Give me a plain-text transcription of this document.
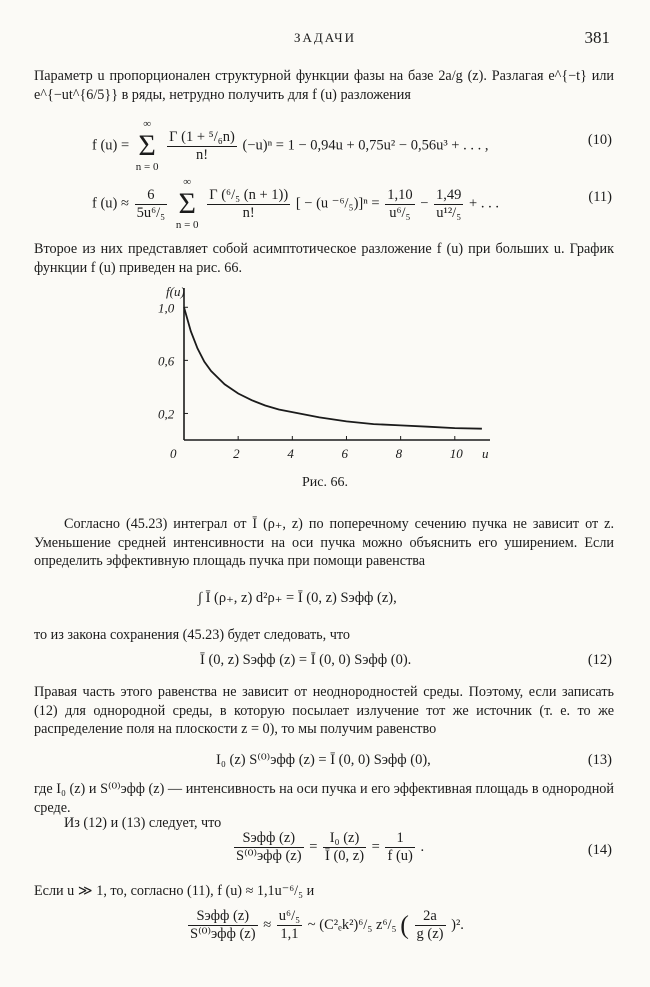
ЗАДАЧИ	381
Параметр u пропорционален структурной функции фазы на базе 2a/g (z). Разлагая e^{−t} или e^{−ut^{6/5}} в ряды, нетрудно получить для f (u) разложения
f (u) =
∞
Σ
n = 0

$\frac{\text{Γ (1 + ⁵/₆n)}}{n!} (-u)^n = 1 - 0,94u + 0,75u^2 - 0,56u^3$ + . . . ,	(10)
f $(u) \approx \frac{6}{\text{5u⁶/₅}}$

∞
Σ
n = 0

$\frac{\text{Γ (⁶/₅ (n + 1))}}{n!}$ [ − (u $^{-6}/_5)]^n = \frac{1,10}{\text{u⁶/₅}} - \frac{1,49}{\text{u¹²/₅}}$ + . . .	(11)
Второе из них представляет собой асимптотическое разложение f (u) при больших u. График функции f (u) приведен на рис. 66.
0	2	4	6	8	10
0,2
0,6
1,0
u
f(u)
Рис. 66.
Согласно (45.23) интеграл от Ī (ρ₊, z) по поперечному сечению пучка не зависит от z. Уменьшение средней интенсивности на оси пучка можно объяснить его уширением. Если определить эффективную площадь пучка при помощи равенства
∫ Ī (ρ₊, z) d²ρ₊ = Ī (0, z) Sэфф (z),
то из закона сохранения (45.23) будет следовать, что
Ī (0, z) Sэфф (z) = Ī (0, 0) Sэфф (0).	(12)
Правая часть этого равенства не зависит от неоднородностей среды. Поэтому, если записать (12) для однородной среды, в которую посылает излучение тот же источник (т. е. то же распределение поля на плоскости z = 0), то мы получим равенство
I₀ (z) S⁽⁰⁾эфф (z) = Ī (0, 0) Sэфф (0),	(13)
где I₀ (z) и S⁽⁰⁾эфф (z) — интенсивность на оси пучка и его эффективная площадь в однородной среде.
Из (12) и (13) следует, что
$\frac{\text{Sэфф (z)}}{\text{S⁽⁰⁾эфф (z)}} = \frac{\text{I₀ (z)}}{Ī (0, z)} = \frac{1}{f (u)}$ .	(14)
Если u ≫ 1, то, согласно (11), f (u) ≈ 1,1u⁻⁶/₅ и
$\frac{\text{Sэфф (z)}}{\text{S⁽⁰⁾эфф (z)}} \approx \frac{\text{u⁶/₅}}{1,1}$ ~ (C²ₑk²)⁶/₅ z⁶/₅ ( $\frac{2a}{g (z)} )^2$.
